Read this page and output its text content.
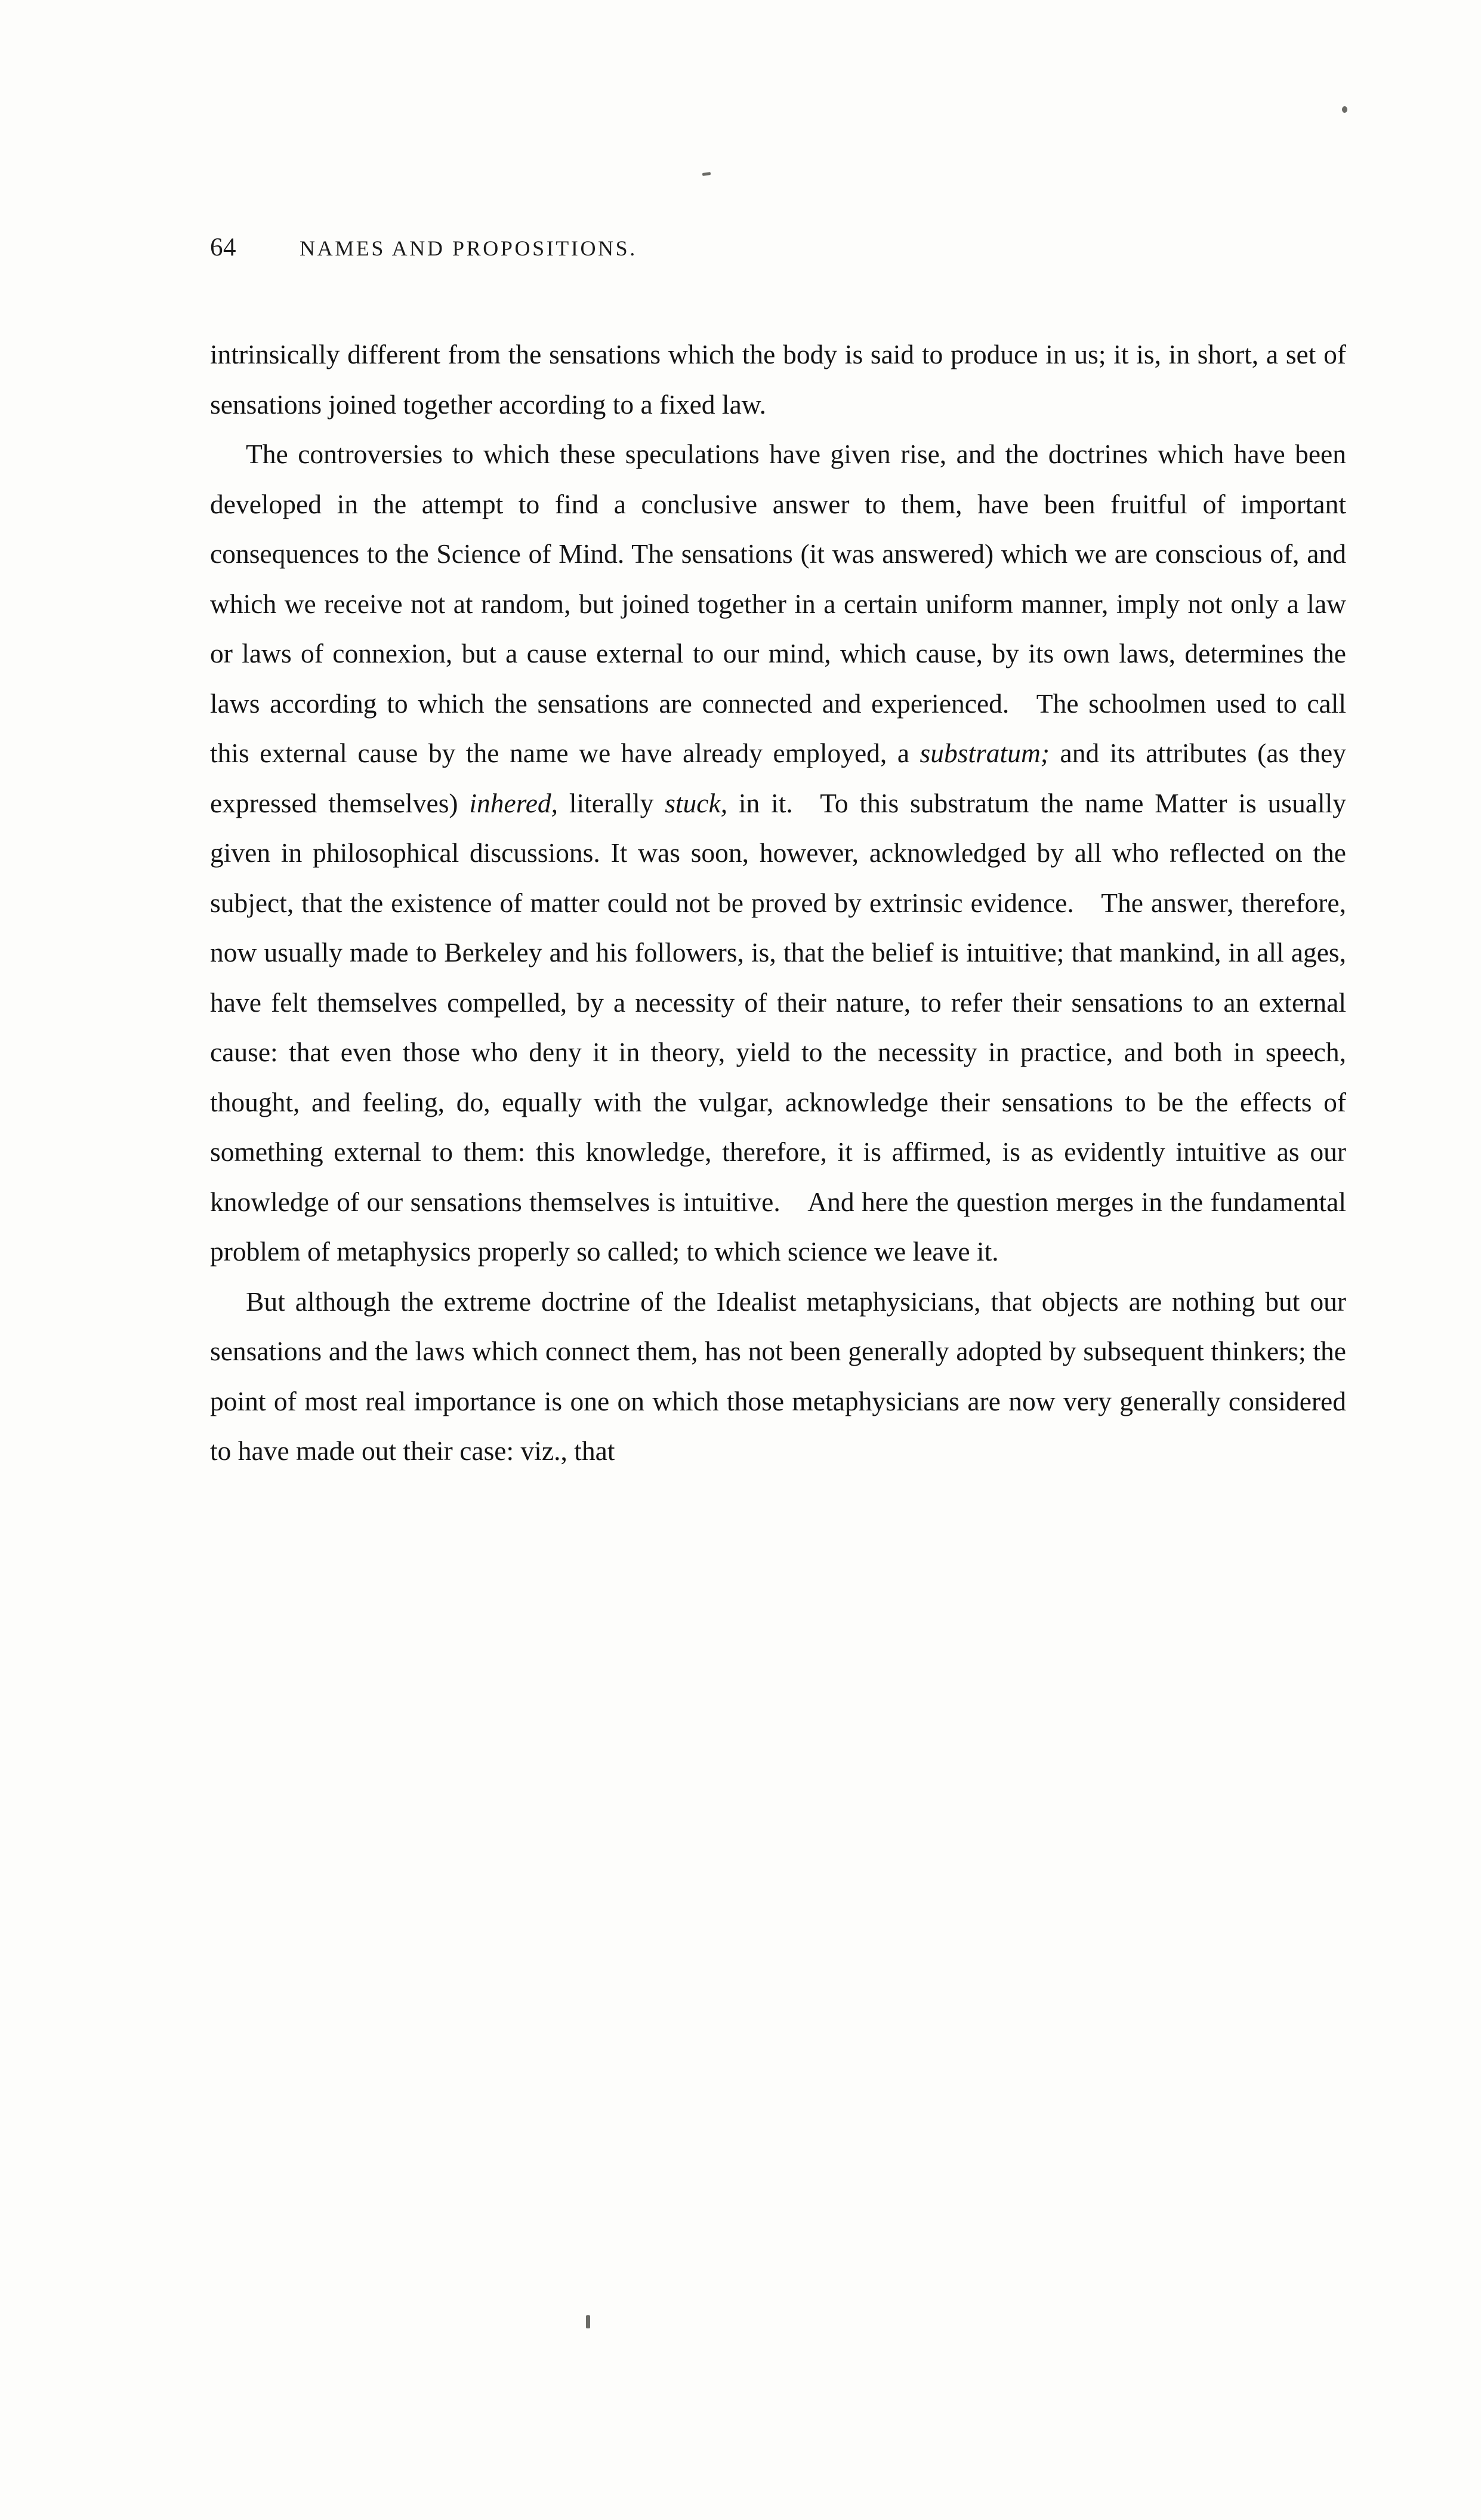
64	NAMES AND PROPOSITIONS.

intrinsically different from the sensations which the body is said to produce in us; it is, in short, a set of sensations joined together according to a fixed law.

The controversies to which these speculations have given rise, and the doctrines which have been developed in the attempt to find a conclusive answer to them, have been fruitful of important consequences to the Science of Mind. The sensations (it was answered) which we are conscious of, and which we receive not at random, but joined together in a certain uniform manner, imply not only a law or laws of connexion, but a cause external to our mind, which cause, by its own laws, determines the laws according to which the sensations are connected and experienced. The schoolmen used to call this external cause by the name we have already employed, a substratum; and its attributes (as they expressed themselves) inhered, literally stuck, in it. To this substratum the name Matter is usually given in philosophical discussions. It was soon, however, acknowledged by all who reflected on the subject, that the existence of matter could not be proved by extrinsic evidence. The answer, therefore, now usually made to Berkeley and his followers, is, that the belief is intuitive; that mankind, in all ages, have felt themselves compelled, by a necessity of their nature, to refer their sensations to an external cause: that even those who deny it in theory, yield to the necessity in practice, and both in speech, thought, and feeling, do, equally with the vulgar, acknowledge their sensations to be the effects of something external to them: this knowledge, therefore, it is affirmed, is as evidently intuitive as our knowledge of our sensations themselves is intuitive. And here the question merges in the fundamental problem of metaphysics properly so called; to which science we leave it.

But although the extreme doctrine of the Idealist metaphysicians, that objects are nothing but our sensations and the laws which connect them, has not been generally adopted by subsequent thinkers; the point of most real importance is one on which those metaphysicians are now very generally considered to have made out their case: viz., that
